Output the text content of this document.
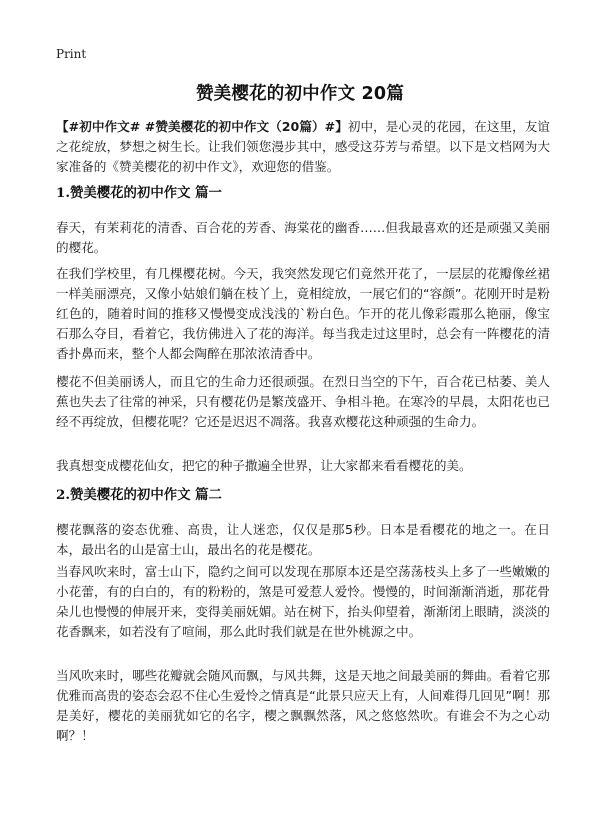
Print
赞美樱花的初中作文 20篇

【#初中作文# #赞美樱花的初中作文（20篇）#】初中，是心灵的花园，在这里，友谊之花绽放，梦想之树生长。让我们领您漫步其中，感受这芬芳与希望。以下是文档网为大家准备的《赞美樱花的初中作文》，欢迎您的借鉴。

1.赞美樱花的初中作文 篇一

春天，有茉莉花的清香、百合花的芳香、海棠花的幽香……但我最喜欢的还是顽强又美丽的樱花。

在我们学校里，有几棵樱花树。今天，我突然发现它们竟然开花了，一层层的花瓣像丝裙一样美丽漂亮，又像小姑娘们躺在枝丫上，竟相绽放，一展它们的“容颜”。花刚开时是粉红色的，随着时间的推移又慢慢变成浅浅的`粉白色。乍开的花儿像彩霞那么艳丽，像宝石那么夺目，看着它，我仿佛进入了花的海洋。每当我走过这里时，总会有一阵樱花的清香扑鼻而来，整个人都会陶醉在那浓浓清香中。

樱花不但美丽诱人，而且它的生命力还很顽强。在烈日当空的下午，百合花已枯萎、美人蕉也失去了往常的神采，只有樱花仍是繁茂盛开、争相斗艳。在寒冷的早晨，太阳花也已经不再绽放，但樱花呢？它还是迟迟不凋落。我喜欢樱花这种顽强的生命力。

我真想变成樱花仙女，把它的种子撒遍全世界，让大家都来看看樱花的美。

2.赞美樱花的初中作文 篇二

樱花飘落的姿态优雅、高贵，让人迷恋，仅仅是那5秒。日本是看樱花的地之一。在日本，最出名的山是富士山，最出名的花是樱花。

当春风吹来时，富士山下，隐约之间可以发现在那原本还是空荡荡枝头上多了一些嫩嫩的小花蕾，有的白白的，有的粉粉的，煞是可爱惹人爱怜。慢慢的，时间渐渐消逝，那花骨朵儿也慢慢的伸展开来，变得美丽妩媚。站在树下，抬头仰望着，渐渐闭上眼睛，淡淡的花香飘来，如若没有了喧闹，那么此时我们就是在世外桃源之中。

当风吹来时，哪些花瓣就会随风而飘，与风共舞，这是天地之间最美丽的舞曲。看着它那优雅而高贵的姿态会忍不住心生爱怜之情真是“此景只应天上有，人间难得几回见”啊！那是美好，樱花的美丽犹如它的名字，樱之飘飘然落，风之悠悠然吹。有谁会不为之心动啊？！
